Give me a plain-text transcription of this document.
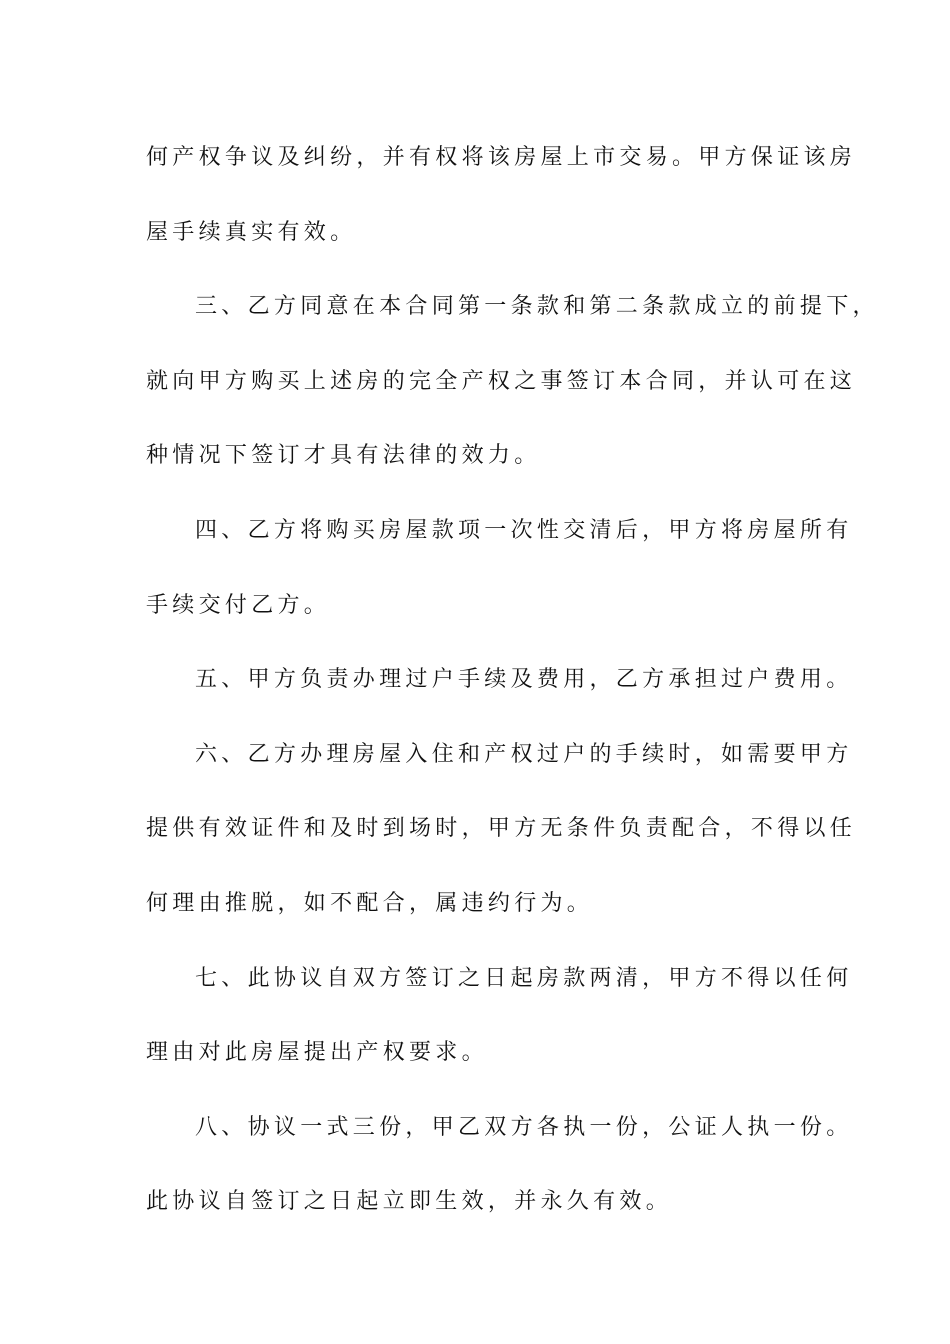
何产权争议及纠纷，并有权将该房屋上市交易。甲方保证该房
屋手续真实有效。
三、乙方同意在本合同第一条款和第二条款成立的前提下，
就向甲方购买上述房的完全产权之事签订本合同，并认可在这
种情况下签订才具有法律的效力。
四、乙方将购买房屋款项一次性交清后，甲方将房屋所有
手续交付乙方。
五、甲方负责办理过户手续及费用，乙方承担过户费用。
六、乙方办理房屋入住和产权过户的手续时，如需要甲方
提供有效证件和及时到场时，甲方无条件负责配合，不得以任
何理由推脱，如不配合，属违约行为。
七、此协议自双方签订之日起房款两清，甲方不得以任何
理由对此房屋提出产权要求。
八、协议一式三份，甲乙双方各执一份，公证人执一份。
此协议自签订之日起立即生效，并永久有效。
